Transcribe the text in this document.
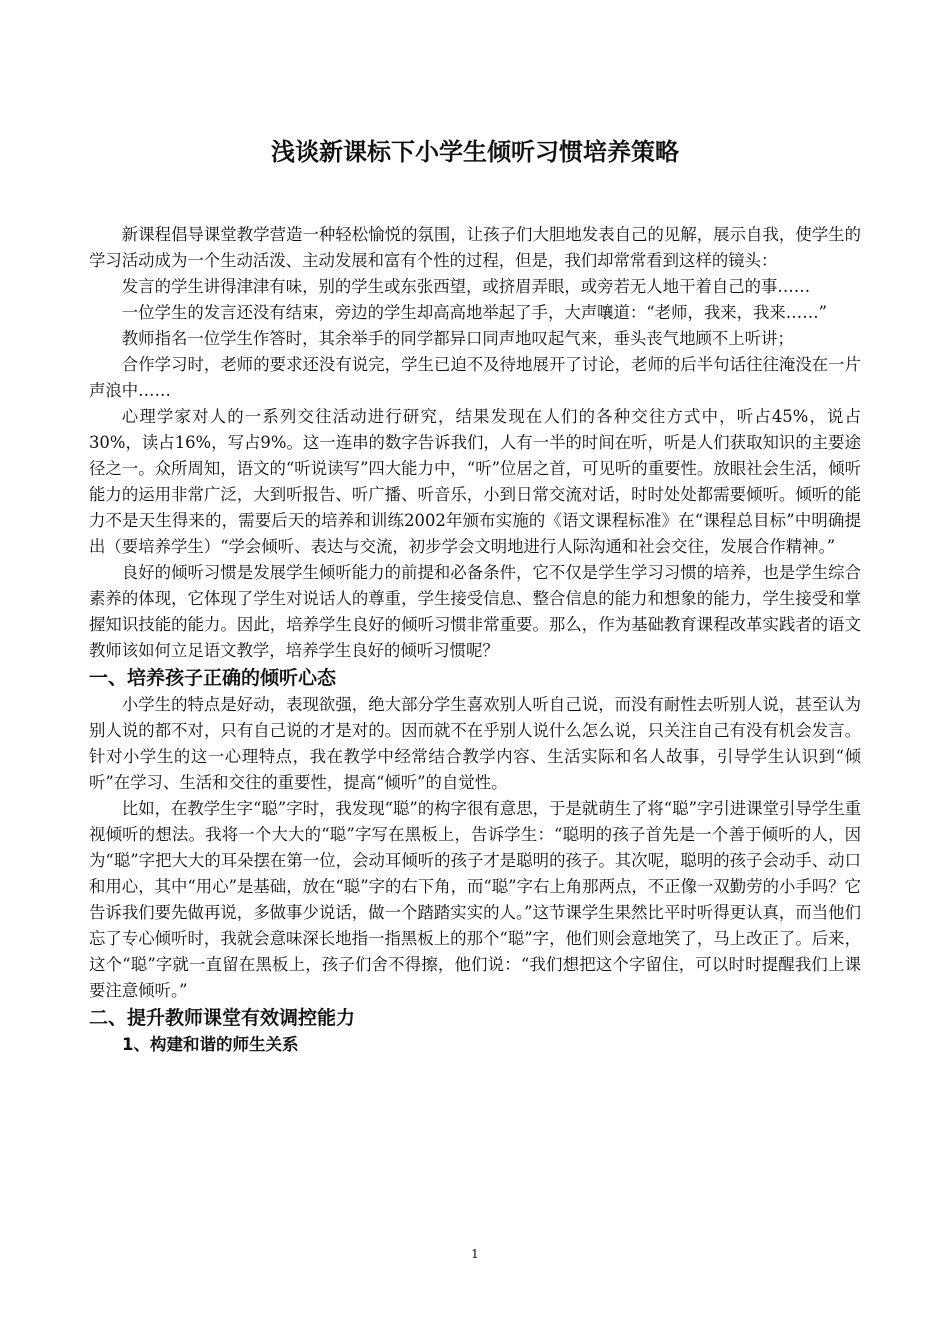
浅谈新课标下小学生倾听习惯培养策略

新课程倡导课堂教学营造一种轻松愉悦的氛围，让孩子们大胆地发表自己的见解，展示自我，使学生的学习活动成为一个生动活泼、主动发展和富有个性的过程，但是，我们却常常看到这样的镜头：

发言的学生讲得津津有味，别的学生或东张西望，或挤眉弄眼，或旁若无人地干着自己的事……

一位学生的发言还没有结束，旁边的学生却高高地举起了手，大声嚷道：“老师，我来，我来……”

教师指名一位学生作答时，其余举手的同学都异口同声地叹起气来，垂头丧气地顾不上听讲；

合作学习时，老师的要求还没有说完，学生已迫不及待地展开了讨论，老师的后半句话往往淹没在一片声浪中……

心理学家对人的一系列交往活动进行研究，结果发现在人们的各种交往方式中，听占45%，说占30%，读占16%，写占9%。这一连串的数字告诉我们，人有一半的时间在听，听是人们获取知识的主要途径之一。众所周知，语文的“听说读写”四大能力中，“听”位居之首，可见听的重要性。放眼社会生活，倾听能力的运用非常广泛，大到听报告、听广播、听音乐，小到日常交流对话，时时处处都需要倾听。倾听的能力不是天生得来的，需要后天的培养和训练2002年颁布实施的《语文课程标准》在“课程总目标”中明确提出（要培养学生）“学会倾听、表达与交流，初步学会文明地进行人际沟通和社会交往，发展合作精神。”

良好的倾听习惯是发展学生倾听能力的前提和必备条件，它不仅是学生学习习惯的培养，也是学生综合素养的体现，它体现了学生对说话人的尊重，学生接受信息、整合信息的能力和想象的能力，学生接受和掌握知识技能的能力。因此，培养学生良好的倾听习惯非常重要。那么，作为基础教育课程改革实践者的语文教师该如何立足语文教学，培养学生良好的倾听习惯呢？

一、培养孩子正确的倾听心态

小学生的特点是好动，表现欲强，绝大部分学生喜欢别人听自己说，而没有耐性去听别人说，甚至认为别人说的都不对，只有自己说的才是对的。因而就不在乎别人说什么怎么说，只关注自己有没有机会发言。针对小学生的这一心理特点，我在教学中经常结合教学内容、生活实际和名人故事，引导学生认识到“倾听”在学习、生活和交往的重要性，提高“倾听”的自觉性。

比如，在教学生字“聪”字时，我发现“聪”的构字很有意思，于是就萌生了将“聪”字引进课堂引导学生重视倾听的想法。我将一个大大的“聪”字写在黑板上，告诉学生：“聪明的孩子首先是一个善于倾听的人，因为“聪”字把大大的耳朵摆在第一位，会动耳倾听的孩子才是聪明的孩子。其次呢，聪明的孩子会动手、动口和用心，其中“用心”是基础，放在“聪”字的右下角，而“聪”字右上角那两点，不正像一双勤劳的小手吗？它告诉我们要先做再说，多做事少说话，做一个踏踏实实的人。”这节课学生果然比平时听得更认真，而当他们忘了专心倾听时，我就会意味深长地指一指黑板上的那个“聪”字，他们则会意地笑了，马上改正了。后来，这个“聪”字就一直留在黑板上，孩子们舍不得擦，他们说：“我们想把这个字留住，可以时时提醒我们上课要注意倾听。”

二、提升教师课堂有效调控能力
1、构建和谐的师生关系
1
